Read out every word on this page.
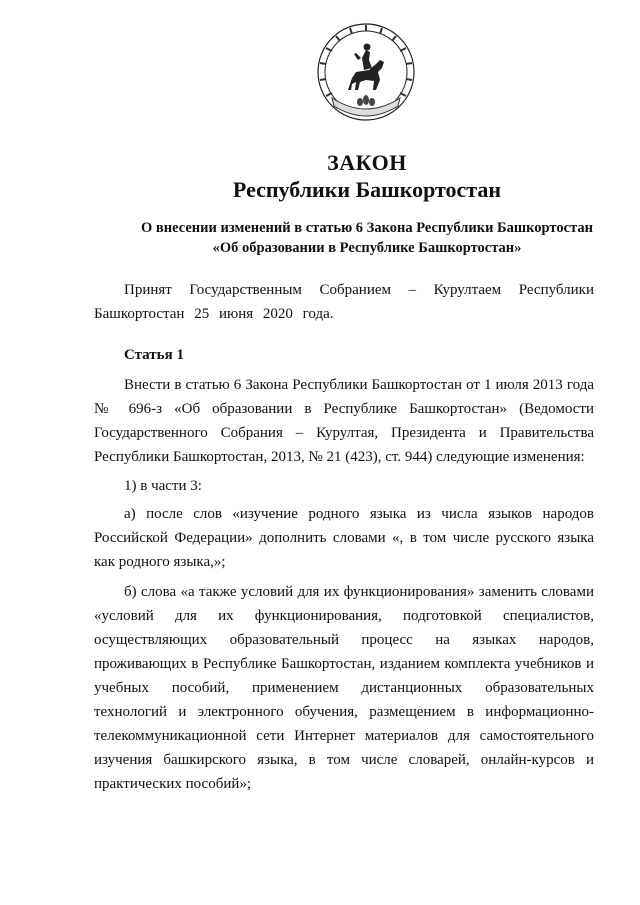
ЗАКОН
Республики Башкортостан
О внесении изменений в статью 6 Закона Республики Башкортостан
«Об образовании в Республике Башкортостан»
Принят Государственным Собранием – Курултаем Республики Башкортостан 25 июня 2020 года.
Статья 1
Внести в статью 6 Закона Республики Башкортостан от 1 июля 2013 года № 696-з «Об образовании в Республике Башкортостан» (Ведомости Государственного Собрания – Курултая, Президента и Правительства Республики Башкортостан, 2013, № 21 (423), ст. 944) следующие изменения:
1) в части 3:
а) после слов «изучение родного языка из числа языков народов Российской Федерации» дополнить словами «, в том числе русского языка как родного языка,»;
б) слова «а также условий для их функционирования» заменить словами «условий для их функционирования, подготовкой специалистов, осуществляющих образовательный процесс на языках народов, проживающих в Республике Башкортостан, изданием комплекта учебников и учебных пособий, применением дистанционных образовательных технологий и электронного обучения, размещением в информационно-телекоммуникационной сети Интернет материалов для самостоятельного изучения башкирского языка, в том числе словарей, онлайн-курсов и практических пособий»;
